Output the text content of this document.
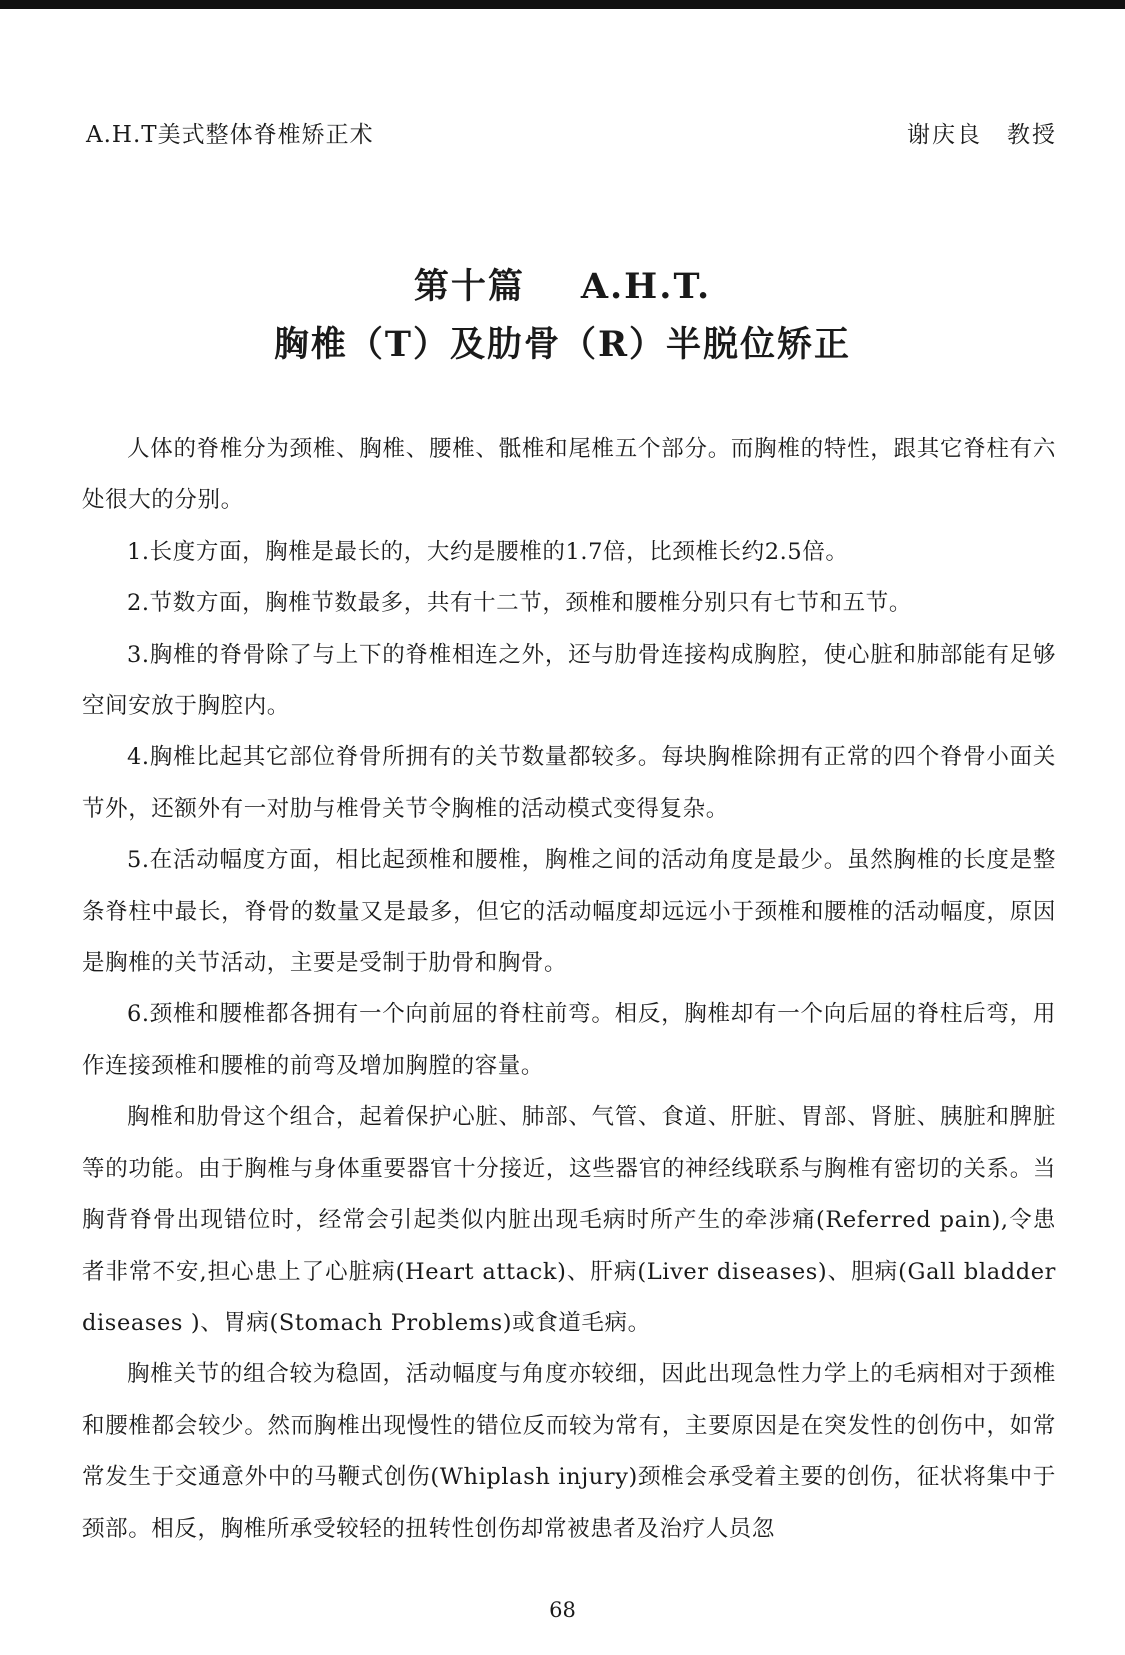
A.H.T美式整体脊椎矫正术	谢庆良　教授
第十篇 A.H.T.
胸椎（T）及肋骨（R）半脱位矫正

人体的脊椎分为颈椎、胸椎、腰椎、骶椎和尾椎五个部分。而胸椎的特性，跟其它脊柱有六处很大的分别。

1.长度方面，胸椎是最长的，大约是腰椎的1.7倍，比颈椎长约2.5倍。

2.节数方面，胸椎节数最多，共有十二节，颈椎和腰椎分别只有七节和五节。

3.胸椎的脊骨除了与上下的脊椎相连之外，还与肋骨连接构成胸腔，使心脏和肺部能有足够空间安放于胸腔内。

4.胸椎比起其它部位脊骨所拥有的关节数量都较多。每块胸椎除拥有正常的四个脊骨小面关节外，还额外有一对肋与椎骨关节令胸椎的活动模式变得复杂。

5.在活动幅度方面，相比起颈椎和腰椎，胸椎之间的活动角度是最少。虽然胸椎的长度是整条脊柱中最长，脊骨的数量又是最多，但它的活动幅度却远远小于颈椎和腰椎的活动幅度，原因是胸椎的关节活动，主要是受制于肋骨和胸骨。

6.颈椎和腰椎都各拥有一个向前屈的脊柱前弯。相反，胸椎却有一个向后屈的脊柱后弯，用作连接颈椎和腰椎的前弯及增加胸膛的容量。

胸椎和肋骨这个组合，起着保护心脏、肺部、气管、食道、肝脏、胃部、肾脏、胰脏和脾脏等的功能。由于胸椎与身体重要器官十分接近，这些器官的神经线联系与胸椎有密切的关系。当胸背脊骨出现错位时，经常会引起类似内脏出现毛病时所产生的牵涉痛(Referred pain),令患者非常不安,担心患上了心脏病(Heart attack)、肝病(Liver diseases)、胆病(Gall bladder diseases )、胃病(Stomach Problems)或食道毛病。

胸椎关节的组合较为稳固，活动幅度与角度亦较细，因此出现急性力学上的毛病相对于颈椎和腰椎都会较少。然而胸椎出现慢性的错位反而较为常有，主要原因是在突发性的创伤中，如常常发生于交通意外中的马鞭式创伤(Whiplash injury)颈椎会承受着主要的创伤，征状将集中于颈部。相反，胸椎所承受较轻的扭转性创伤却常被患者及治疗人员忽

68
